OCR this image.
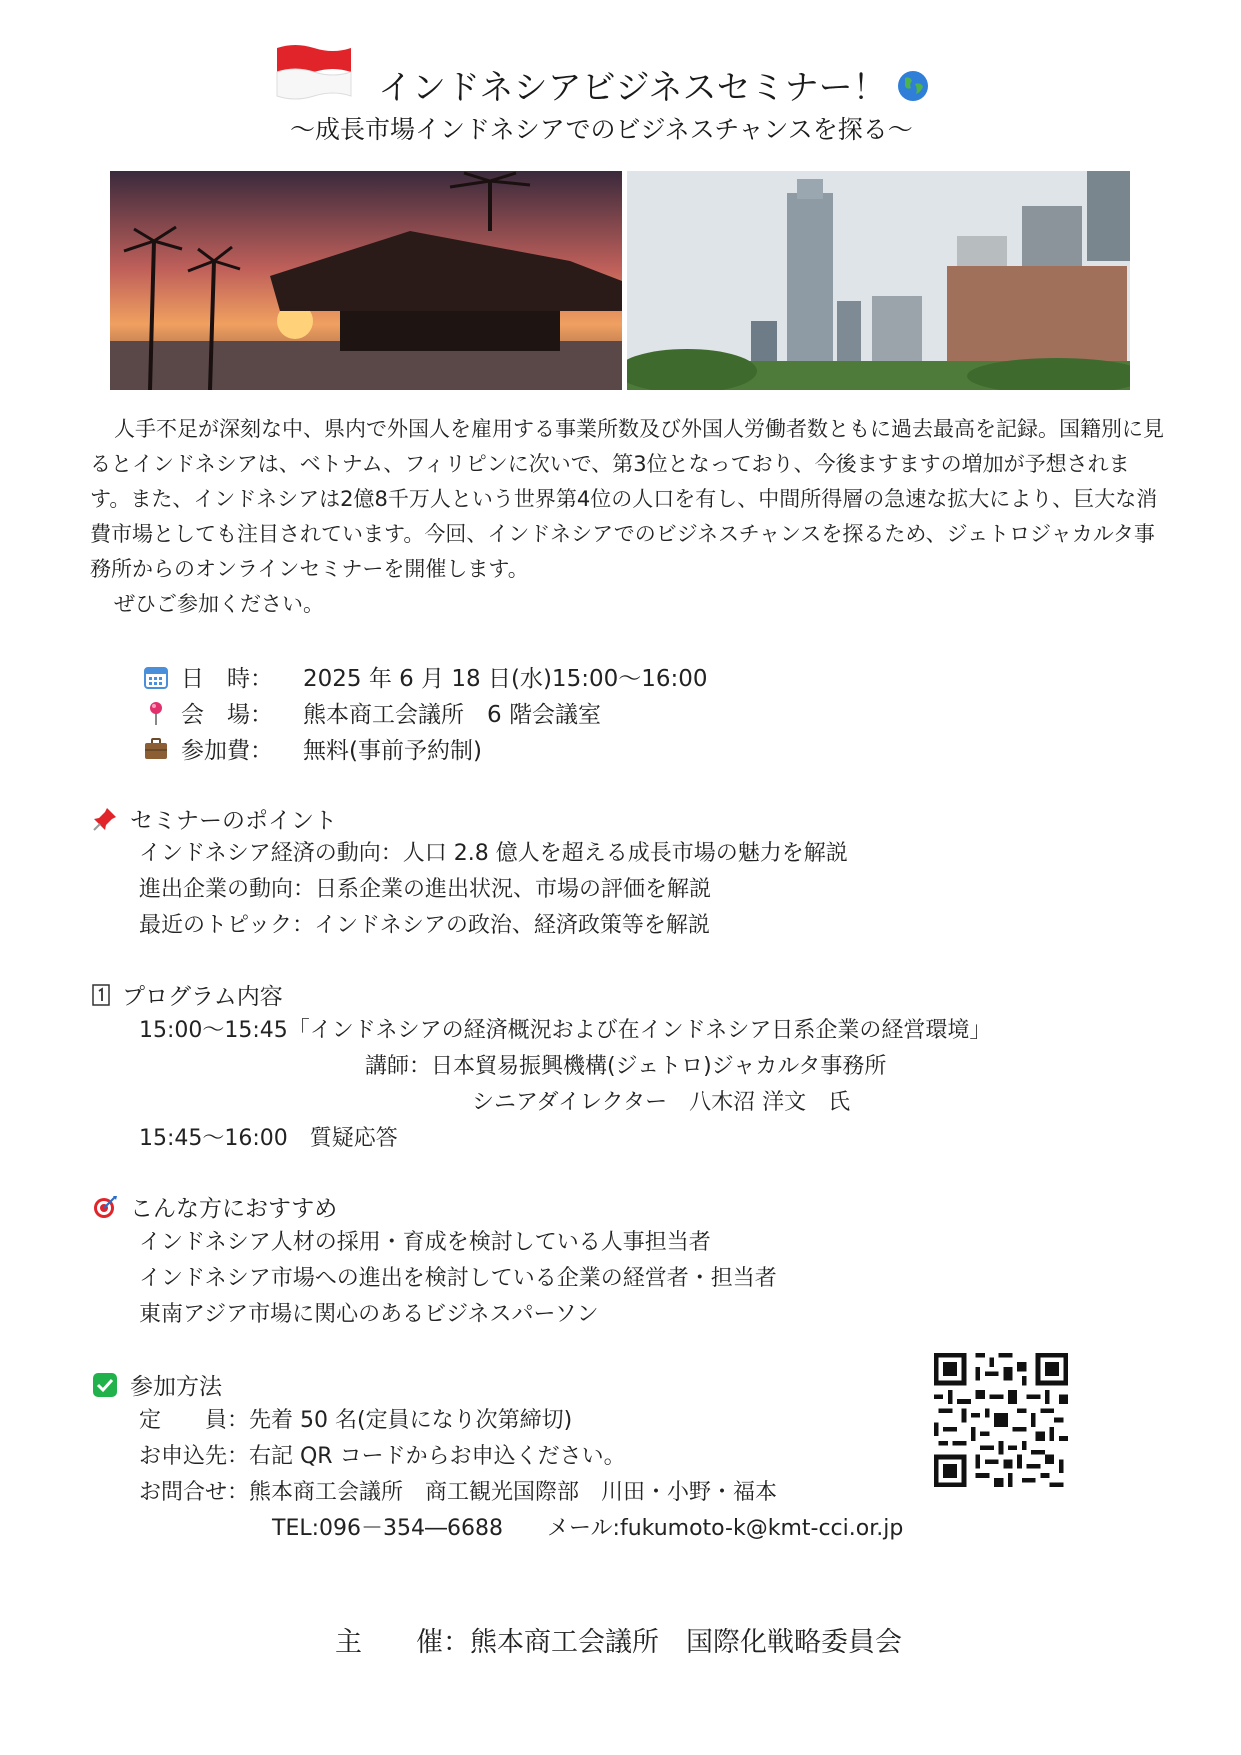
インドネシアビジネスセミナー！
～成長市場インドネシアでのビジネスチャンスを探る～

人手不足が深刻な中、県内で外国人を雇用する事業所数及び外国人労働者数ともに過去最高を記録。国籍別に見るとインドネシアは、ベトナム、フィリピンに次いで、第3位となっており、今後ますますの増加が予想されます。また、インドネシアは2億8千万人という世界第4位の人口を有し、中間所得層の急速な拡大により、巨大な消費市場としても注目されています。今回、インドネシアでのビジネスチャンスを探るため、ジェトロジャカルタ事務所からのオンラインセミナーを開催します。

ぜひご参加ください。

日　時：	2025 年 6 月 18 日(水)15:00～16:00
会　場：	熊本商工会議所　6 階会議室
参加費：	無料(事前予約制)
セミナーのポイント
インドネシア経済の動向：人口 2.8 億人を超える成長市場の魅力を解説
進出企業の動向：日系企業の進出状況、市場の評価を解説
最近のトピック：インドネシアの政治、経済政策等を解説
プログラム内容
15:00～15:45「インドネシアの経済概況および在インドネシア日系企業の経営環境」
講師：日本貿易振興機構(ジェトロ)ジャカルタ事務所
シニアダイレクター　八木沼 洋文　氏
15:45～16:00　質疑応答
こんな方におすすめ
インドネシア人材の採用・育成を検討している人事担当者
インドネシア市場への進出を検討している企業の経営者・担当者
東南アジア市場に関心のあるビジネスパーソン
参加方法
定　　員：先着 50 名(定員になり次第締切)
お申込先：右記 QR コードからお申込ください。
お問合せ：熊本商工会議所　商工観光国際部　川田・小野・福本
TEL:096－354―6688　　メール:fukumoto-k@kmt-cci.or.jp
主　　催：熊本商工会議所　国際化戦略委員会
